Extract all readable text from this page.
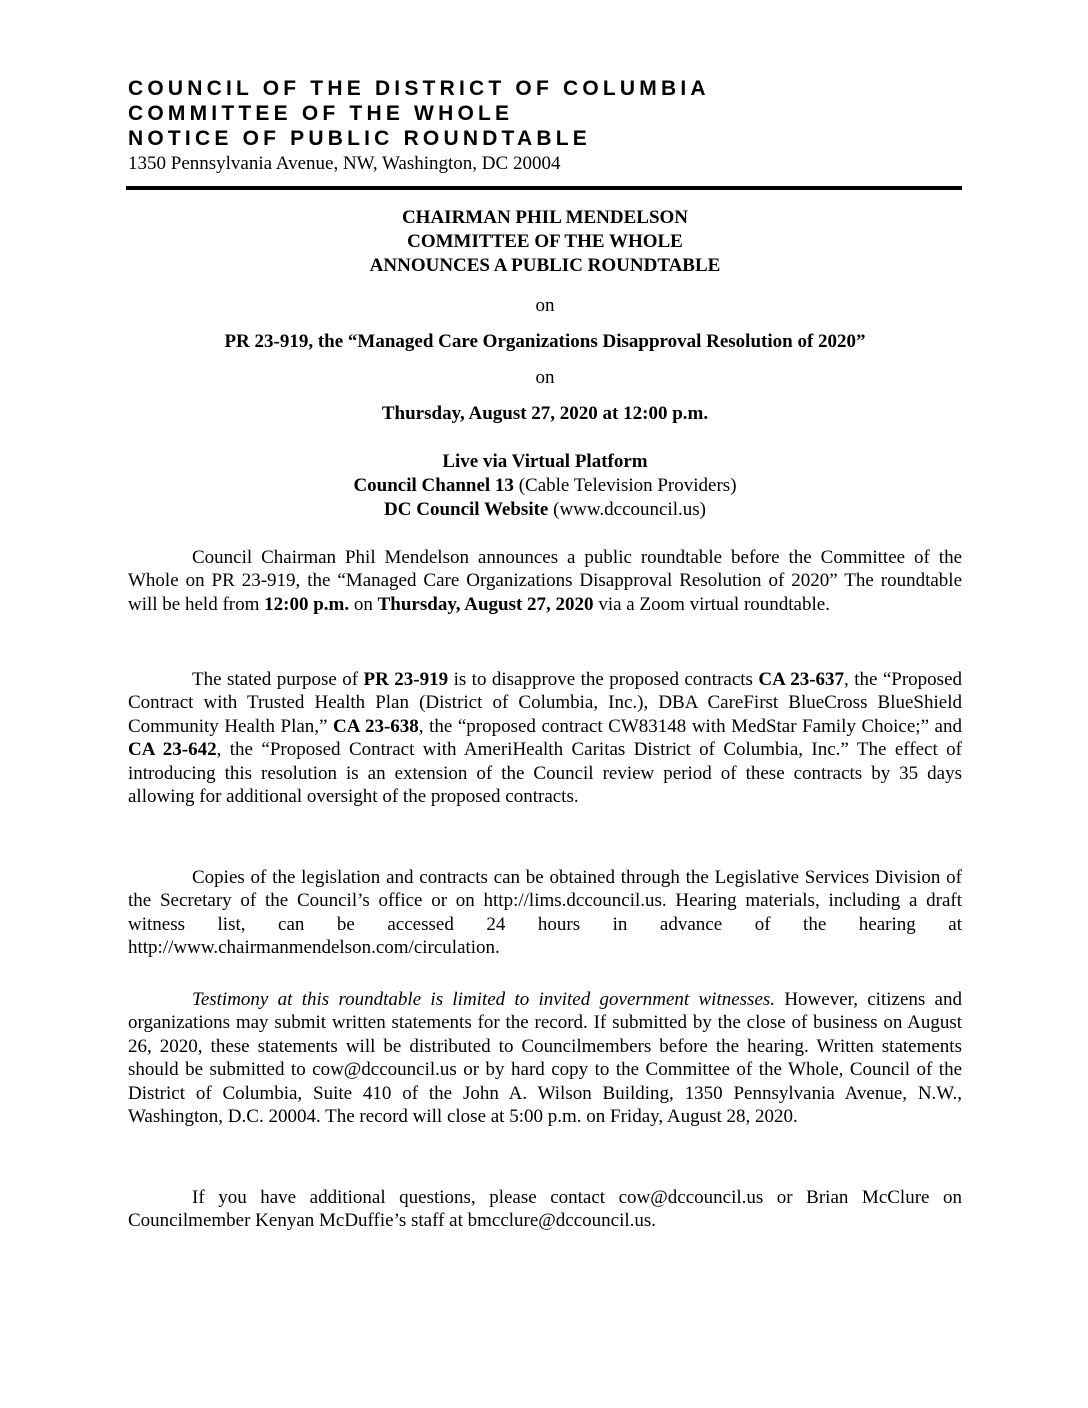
COUNCIL OF THE DISTRICT OF COLUMBIA
COMMITTEE OF THE WHOLE
NOTICE OF PUBLIC ROUNDTABLE
1350 Pennsylvania Avenue, NW, Washington, DC 20004
CHAIRMAN PHIL MENDELSON
COMMITTEE OF THE WHOLE
ANNOUNCES A PUBLIC ROUNDTABLE
on
PR 23-919, the “Managed Care Organizations Disapproval Resolution of 2020”
on
Thursday, August 27, 2020 at 12:00 p.m.
Live via Virtual Platform
Council Channel 13 (Cable Television Providers)
DC Council Website (www.dccouncil.us)
Council Chairman Phil Mendelson announces a public roundtable before the Committee of the Whole on PR 23-919, the “Managed Care Organizations Disapproval Resolution of 2020” The roundtable will be held from 12:00 p.m. on Thursday, August 27, 2020 via a Zoom virtual roundtable.
The stated purpose of PR 23-919 is to disapprove the proposed contracts CA 23-637, the “Proposed Contract with Trusted Health Plan (District of Columbia, Inc.), DBA CareFirst BlueCross BlueShield Community Health Plan,” CA 23-638, the “proposed contract CW83148 with MedStar Family Choice;” and CA 23-642, the “Proposed Contract with AmeriHealth Caritas District of Columbia, Inc.” The effect of introducing this resolution is an extension of the Council review period of these contracts by 35 days allowing for additional oversight of the proposed contracts.
Copies of the legislation and contracts can be obtained through the Legislative Services Division of the Secretary of the Council’s office or on http://lims.dccouncil.us. Hearing materials, including a draft witness list, can be accessed 24 hours in advance of the hearing at http://www.chairmanmendelson.com/circulation.
Testimony at this roundtable is limited to invited government witnesses. However, citizens and organizations may submit written statements for the record. If submitted by the close of business on August 26, 2020, these statements will be distributed to Councilmembers before the hearing. Written statements should be submitted to cow@dccouncil.us or by hard copy to the Committee of the Whole, Council of the District of Columbia, Suite 410 of the John A. Wilson Building, 1350 Pennsylvania Avenue, N.W., Washington, D.C. 20004. The record will close at 5:00 p.m. on Friday, August 28, 2020.
If you have additional questions, please contact cow@dccouncil.us or Brian McClure on Councilmember Kenyan McDuffie’s staff at bmcclure@dccouncil.us.
